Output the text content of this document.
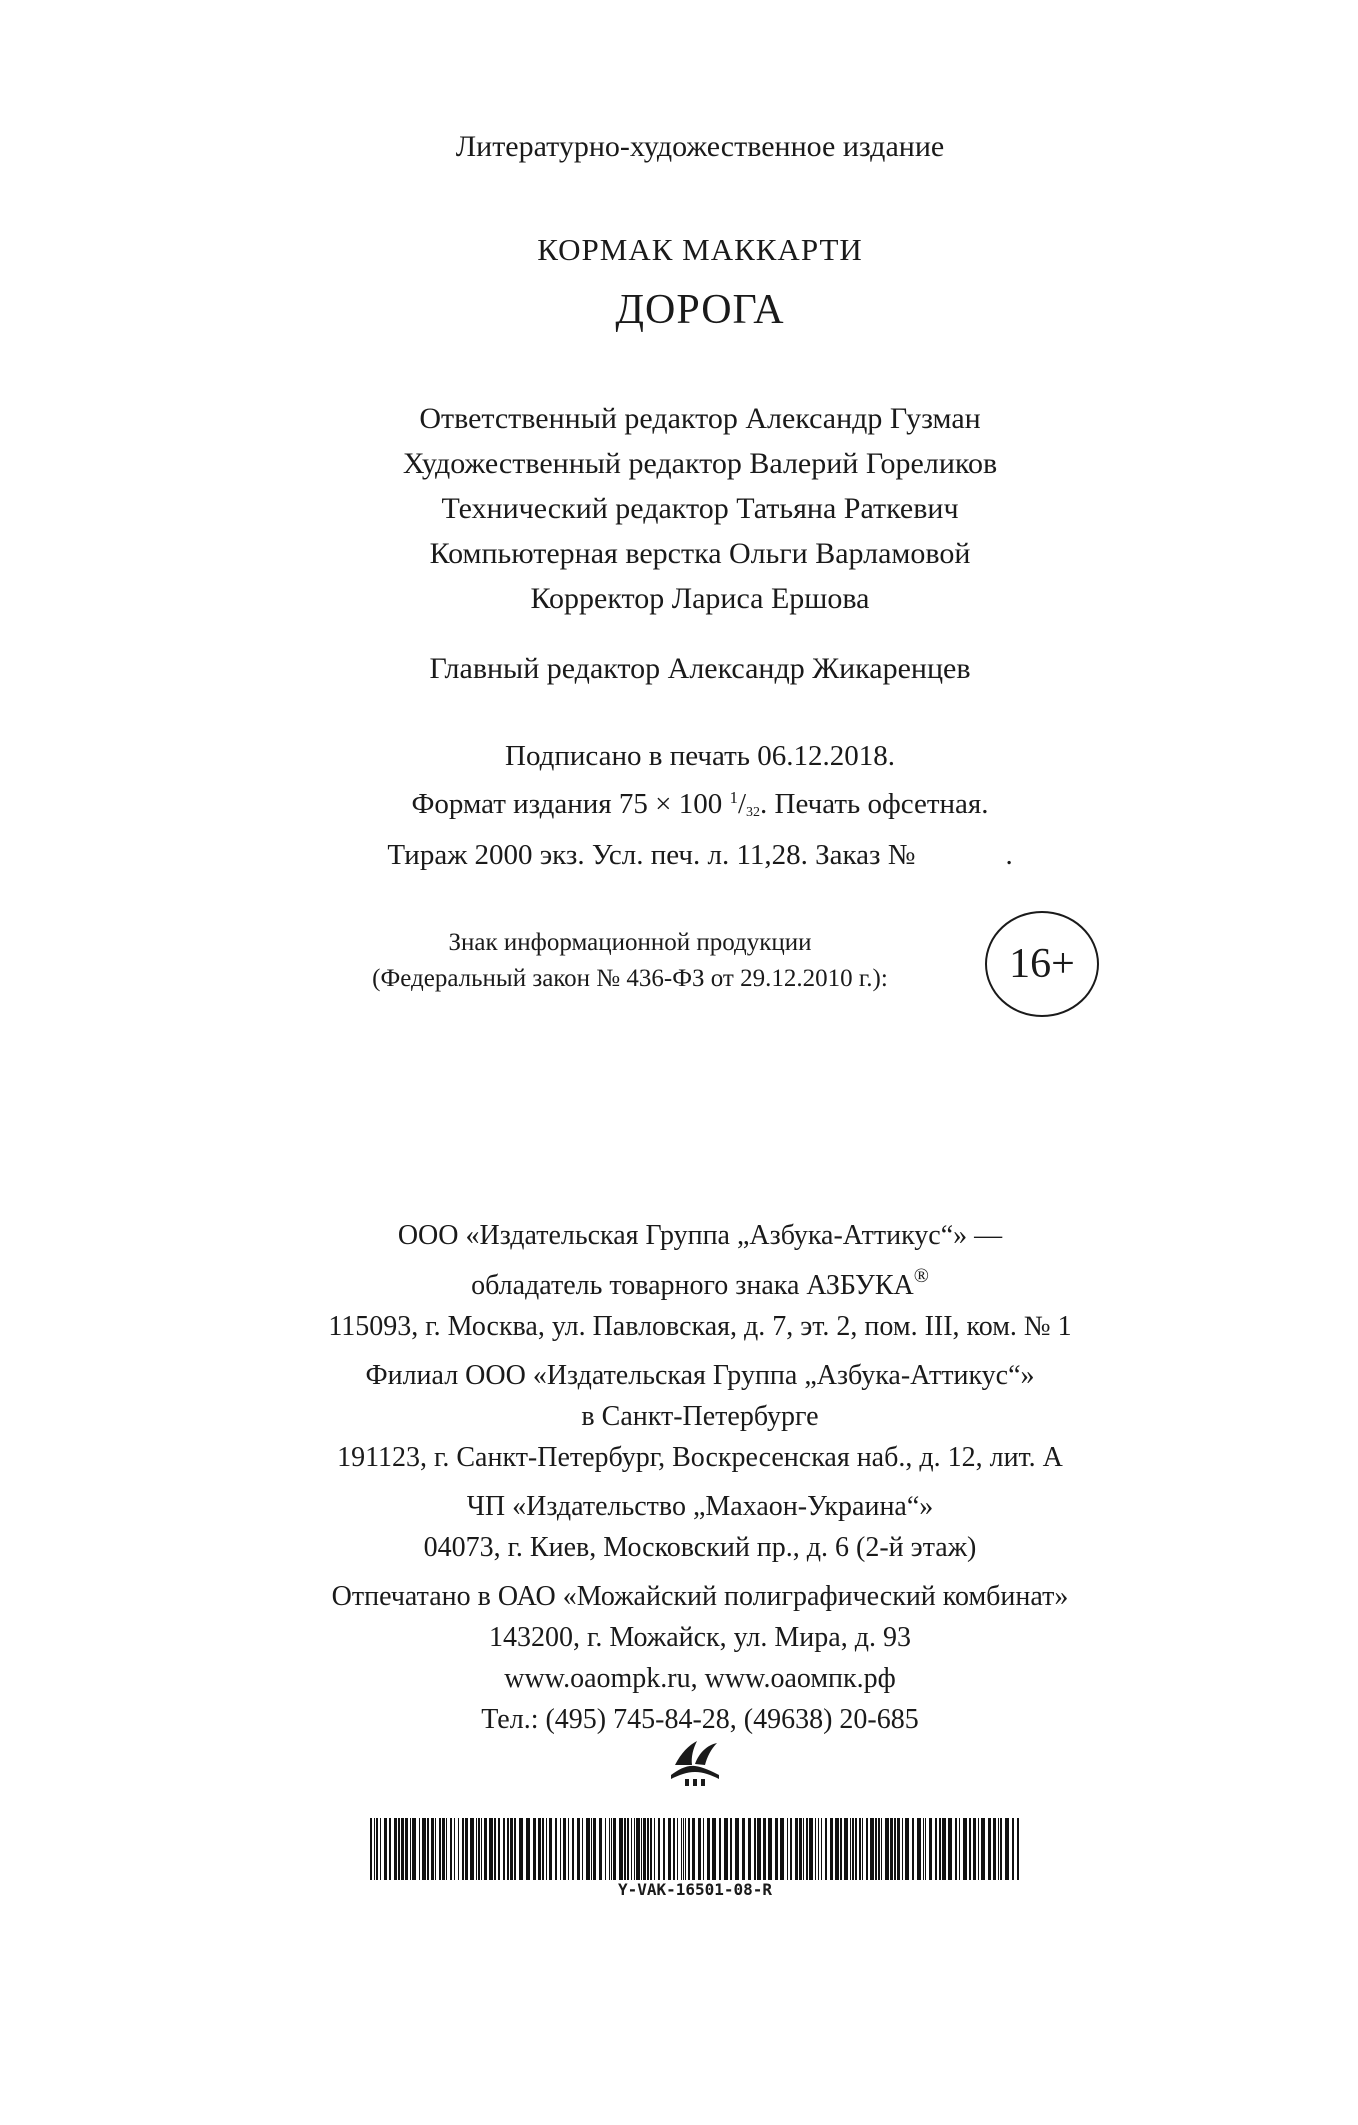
Литературно-художественное издание
КОРМАК МАККАРТИ
ДОРОГА
Ответственный редактор Александр Гузман
Художественный редактор Валерий Гореликов
Технический редактор Татьяна Раткевич
Компьютерная верстка Ольги Варламовой
Корректор Лариса Ершова
Главный редактор Александр Жикаренцев
Подписано в печать 06.12.2018.
Формат издания 75 × 100 $^1/_{32}$. Печать офсетная.
Тираж 2000 экз. Усл. печ. л. 11,28. Заказ №	.
Знак информационной продукции
(Федеральный закон № 436-ФЗ от 29.12.2010 г.):	16+
ООО «Издательская Группа „Азбука-Аттикус“» —
обладатель товарного знака АЗБУКА®
115093, г. Москва, ул. Павловская, д. 7, эт. 2, пом. III, ком. № 1
Филиал ООО «Издательская Группа „Азбука-Аттикус“»
в Санкт-Петербурге
191123, г. Санкт-Петербург, Воскресенская наб., д. 12, лит. А
ЧП «Издательство „Махаон-Украина“»
04073, г. Киев, Московский пр., д. 6 (2-й этаж)
Отпечатано в ОАО «Можайский полиграфический комбинат»
143200, г. Можайск, ул. Мира, д. 93
www.oaompk.ru, www.oaомпк.рф
Тел.: (495) 745-84-28, (49638) 20-685
Y-VAK-16501-08-R
